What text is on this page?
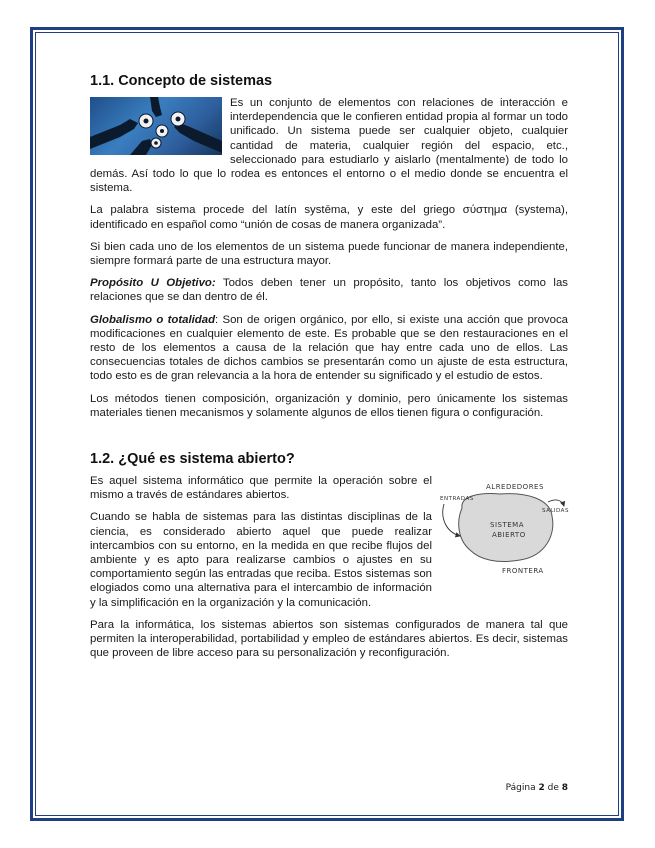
1.1. Concepto de sistemas

Es un conjunto de elementos con relaciones de interacción e interdependencia que le confieren entidad propia al formar un todo unificado. Un sistema puede ser cualquier objeto, cualquier cantidad de materia, cualquier región del espacio, etc., seleccionado para estudiarlo y aislarlo (mentalmente) de todo lo demás. Así todo lo que lo rodea es entonces el entorno o el medio donde se encuentra el sistema.

La palabra sistema procede del latín systēma, y este del griego σύστημα (systema), identificado en español como “unión de cosas de manera organizada”.

Si bien cada uno de los elementos de un sistema puede funcionar de manera independiente, siempre formará parte de una estructura mayor.

Propósito U Objetivo: Todos deben tener un propósito, tanto los objetivos como las relaciones que se dan dentro de él.

Globalismo o totalidad: Son de origen orgánico, por ello, si existe una acción que provoca modificaciones en cualquier elemento de este. Es probable que se den restauraciones en el resto de los elementos a causa de la relación que hay entre cada uno de ellos. Las consecuencias totales de dichos cambios se presentarán como un ajuste de esta estructura, todo esto es de gran relevancia a la hora de entender su significado y el estudio de estos.

Los métodos tienen composición, organización y dominio, pero únicamente los sistemas materiales tienen mecanismos y solamente algunos de ellos tienen figura o configuración.

1.2. ¿Qué es sistema abierto?
ALREDEDORES
ENTRADAS
SALIDAS
SISTEMA
ABIERTO
FRONTERA

Es aquel sistema informático que permite la operación sobre el mismo a través de estándares abiertos.

Cuando se habla de sistemas para las distintas disciplinas de la ciencia, es considerado abierto aquel que puede realizar intercambios con su entorno, en la medida en que recibe flujos del ambiente y es apto para realizarse cambios o ajustes en su comportamiento según las entradas que reciba. Estos sistemas son elogiados como una alternativa para el intercambio de información y la simplificación en la organización y la comunicación.

Para la informática, los sistemas abiertos son sistemas configurados de manera tal que permiten la interoperabilidad, portabilidad y empleo de estándares abiertos. Es decir, sistemas que proveen de libre acceso para su personalización y reconfiguración.

Página 2 de 8
